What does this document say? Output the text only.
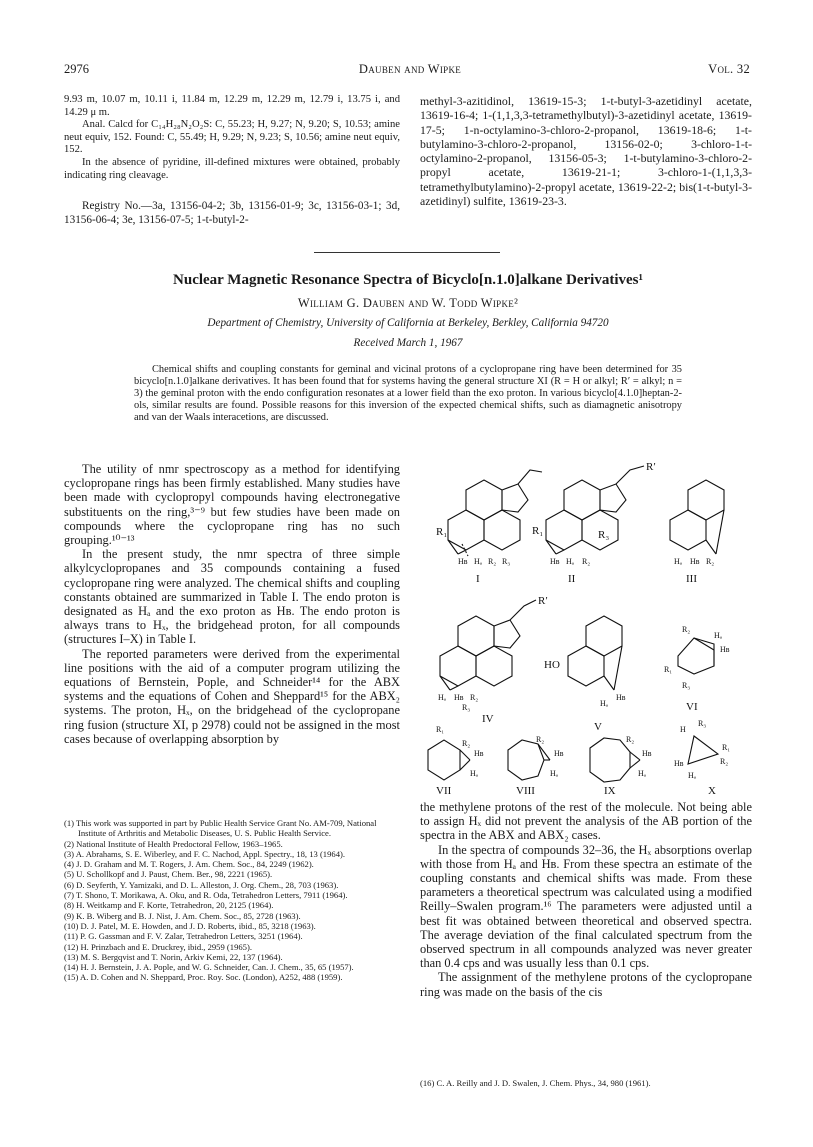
2976	Dauben and Wipke	Vol. 32

9.93 m, 10.07 m, 10.11 i, 11.84 m, 12.29 m, 12.29 m, 12.79 i, 13.75 i, and 14.29 μ m.

Anal. Calcd for C₁₄H₂₈N₂O₂S: C, 55.23; H, 9.27; N, 9.20; S, 10.53; amine neut equiv, 152. Found: C, 55.49; H, 9.29; N, 9.23; S, 10.56; amine neut equiv, 152.

In the absence of pyridine, ill-defined mixtures were obtained, probably indicating ring cleavage.

Registry No.—3a, 13156-04-2; 3b, 13156-01-9; 3c, 13156-03-1; 3d, 13156-06-4; 3e, 13156-07-5; 1-t-butyl-2-

methyl-3-azitidinol, 13619-15-3; 1-t-butyl-3-azetidinyl acetate, 13619-16-4; 1-(1,1,3,3-tetramethylbutyl)-3-azetidinyl acetate, 13619-17-5; 1-n-octylamino-3-chloro-2-propanol, 13619-18-6; 1-t-butylamino-3-chloro-2-propanol, 13156-02-0; 3-chloro-1-t-octylamino-2-propanol, 13156-05-3; 1-t-butylamino-3-chloro-2-propyl acetate, 13619-21-1; 3-chloro-1-(1,1,3,3-tetramethylbutylamino)-2-propyl acetate, 13619-22-2; bis(1-t-butyl-3-azetidinyl) sulfite, 13619-23-3.
Nuclear Magnetic Resonance Spectra of Bicyclo[n.1.0]alkane Derivatives¹
William G. Dauben and W. Todd Wipke²
Department of Chemistry, University of California at Berkeley, Berkley, California 94720
Received March 1, 1967
Chemical shifts and coupling constants for geminal and vicinal protons of a cyclopropane ring have been determined for 35 bicyclo[n.1.0]alkane derivatives. It has been found that for systems having the general structure XI (R = H or alkyl; R′ = alkyl; n = 3) the geminal proton with the endo configuration resonates at a lower field than the exo proton. In various bicyclo[4.1.0]heptan-2-ols, similar results are found. Possible reasons for this inversion of the expected chemical shifts, such as diamagnetic anisotropy and van der Waals interacetions, are discussed.

The utility of nmr spectroscopy as a method for identifying cyclopropane rings has been firmly established. Many studies have been made with cyclopropyl compounds having electronegative substituents on the ring,³⁻⁹ but few studies have been made on compounds where the cyclopropane ring has no such grouping.¹⁰⁻¹³

In the present study, the nmr spectra of three simple alkylcyclopropanes and 35 compounds containing a fused cyclopropane ring were analyzed. The chemical shifts and coupling constants obtained are summarized in Table I. The endo proton is designated as Hₐ and the exo proton as Hʙ. The endo proton is always trans to Hₓ, the bridgehead proton, for all compounds (structures I–X) in Table I.

The reported parameters were derived from the experimental line positions with the aid of a computer program utilizing the equations of Bernstein, Pople, and Schneider¹⁴ for the ABX systems and the equations of Cohen and Sheppard¹⁵ for the ABX₂ systems. The proton, Hₓ, on the bridgehead of the cyclopropane ring fusion (structure XI, p 2978) could not be assigned in the most cases because of overlapping absorption by

(1) This work was supported in part by Public Health Service Grant No. AM-709, National Institute of Arthritis and Metabolic Diseases, U. S. Public Health Service.

(2) National Institute of Health Predoctoral Fellow, 1963–1965.

(3) A. Abrahams, S. E. Wiberley, and F. C. Nachod, Appl. Spectry., 18, 13 (1964).

(4) J. D. Graham and M. T. Rogers, J. Am. Chem. Soc., 84, 2249 (1962).

(5) U. Schollkopf and J. Paust, Chem. Ber., 98, 2221 (1965).

(6) D. Seyferth, Y. Yamizaki, and D. L. Alleston, J. Org. Chem., 28, 703 (1963).

(7) T. Shono, T. Morikawa, A. Oku, and R. Oda, Tetrahedron Letters, 7911 (1964).

(8) H. Weitkamp and F. Korte, Tetrahedron, 20, 2125 (1964).

(9) K. B. Wiberg and B. J. Nist, J. Am. Chem. Soc., 85, 2728 (1963).

(10) D. J. Patel, M. E. Howden, and J. D. Roberts, ibid., 85, 3218 (1963).

(11) P. G. Gassman and F. V. Zalar, Tetrahedron Letters, 3251 (1964).

(12) H. Prinzbach and E. Druckrey, ibid., 2959 (1965).

(13) M. S. Bergqvist and T. Norin, Arkiv Kemi, 22, 137 (1964).

(14) H. J. Bernstein, J. A. Pople, and W. G. Schneider, Can. J. Chem., 35, 65 (1957).

(15) A. D. Cohen and N. Sheppard, Proc. Roy. Soc. (London), A252, 488 (1959).

R₁
Hʙ Hₐ R₂ R₃
I
R′
R₁	R₃
Hʙ Hₐ R₂
II
Hₐ Hʙ R₂
III
R′
Hₐ Hʙ R₂
R₃
IV
HO
Hʙ
Hₐ
V
R₂
Hₐ
Hʙ
R₁
R₃
VI
R₁
R₂
Hʙ
Hₐ
VII
R₂
Hʙ
Hₐ
VIII
R₂
Hʙ
Hₐ
IX
H
R₃
R₁
R₂
Hʙ
Hₐ
X

the methylene protons of the rest of the molecule. Not being able to assign Hₓ did not prevent the analysis of the AB portion of the spectra in the ABX and ABX₂ cases.

In the spectra of compounds 32–36, the Hₓ absorptions overlap with those from Hₐ and Hʙ. From these spectra an estimate of the coupling constants and chemical shifts was made. From these parameters a theoretical spectrum was calculated using a modified Reilly–Swalen program.¹⁶ The parameters were adjusted until a best fit was obtained between theoretical and observed spectra. The average deviation of the final calculated spectrum from the observed spectrum in all compounds analyzed was never greater than 0.4 cps and was usually less than 0.1 cps.

The assignment of the methylene protons of the cyclopropane ring was made on the basis of the cis

(16) C. A. Reilly and J. D. Swalen, J. Chem. Phys., 34, 980 (1961).
